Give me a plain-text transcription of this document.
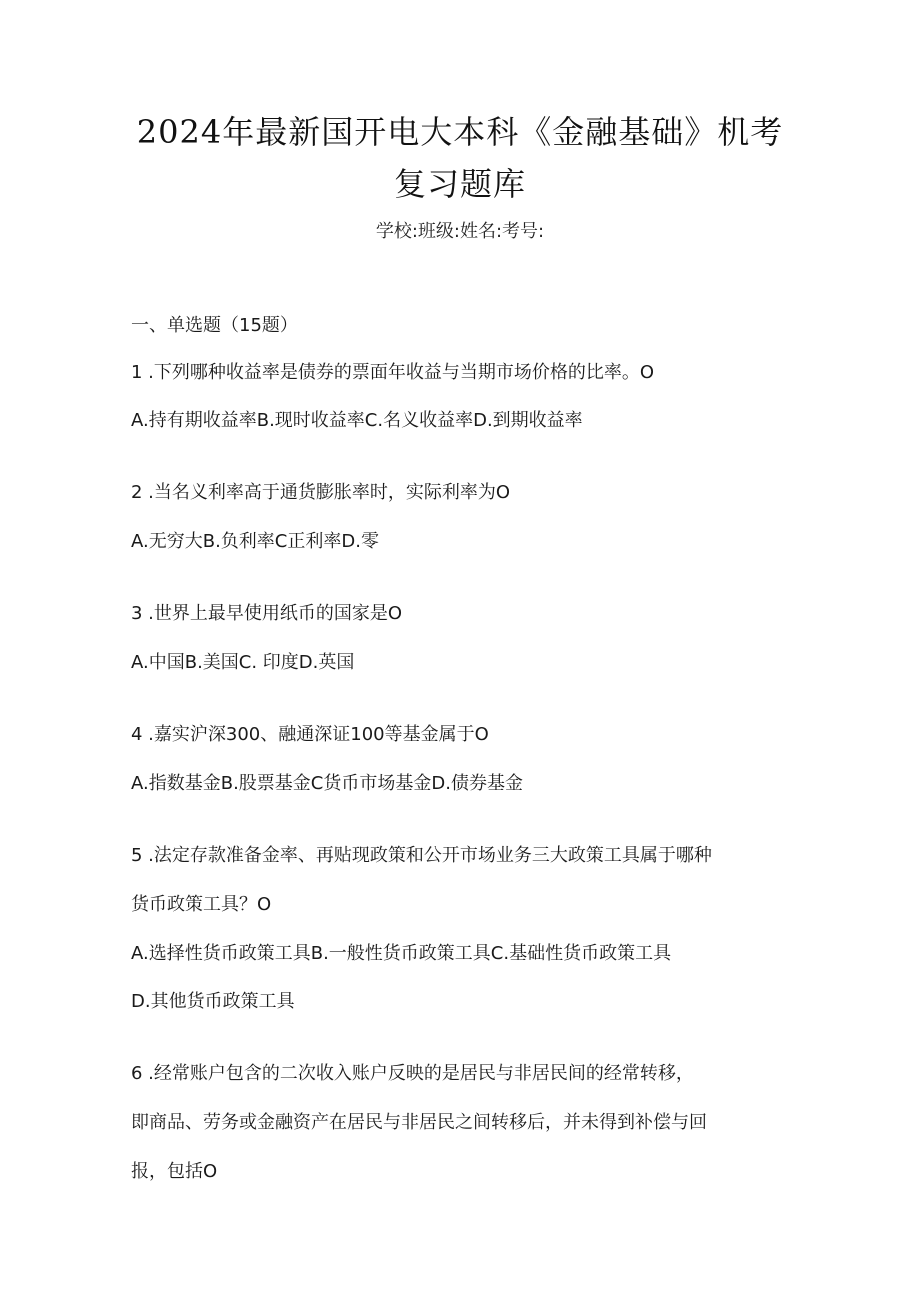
2024年最新国开电大本科《金融基础》机考
复习题库
学校:班级:姓名:考号:
一、单选题（15题）
1 .下列哪种收益率是债券的票面年收益与当期市场价格的比率。O
A.持有期收益率B.现时收益率C.名义收益率D.到期收益率
2 .当名义利率高于通货膨胀率时，实际利率为O
A.无穷大B.负利率C正利率D.零
3 .世界上最早使用纸币的国家是O
A.中国B.美国C. 印度D.英国
4 .嘉实沪深300、融通深证100等基金属于O
A.指数基金B.股票基金C货币市场基金D.债券基金
5 .法定存款准备金率、再贴现政策和公开市场业务三大政策工具属于哪种
货币政策工具？O
A.选择性货币政策工具B.一般性货币政策工具C.基础性货币政策工具
D.其他货币政策工具
6 .经常账户包含的二次收入账户反映的是居民与非居民间的经常转移，
即商品、劳务或金融资产在居民与非居民之间转移后，并未得到补偿与回
报，包括O
